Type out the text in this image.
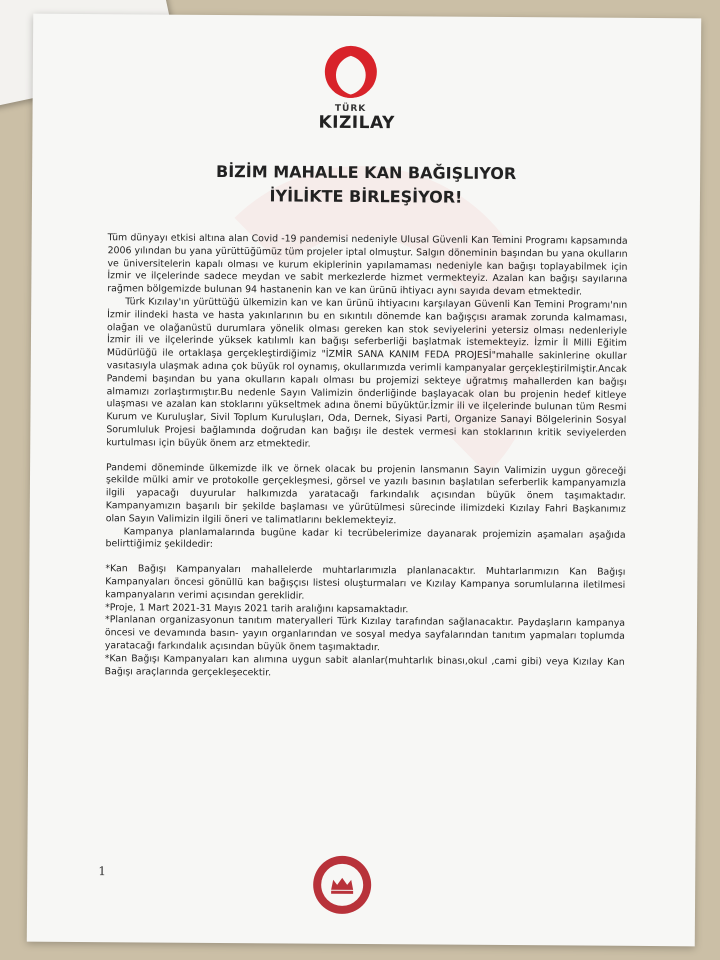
TÜRK
KIZILAY
BİZİM MAHALLE KAN BAĞIŞLIYOR
İYİLİKTE BİRLEŞİYOR!

Tüm dünyayı etkisi altına alan Covid -19 pandemisi nedeniyle Ulusal Güvenli Kan Temini Programı kapsamında 2006 yılından bu yana yürüttüğümüz tüm projeler iptal olmuştur. Salgın döneminin başından bu yana okulların ve üniversitelerin kapalı olması ve kurum ekiplerinin yapılamaması nedeniyle kan bağışı toplayabilmek için İzmir ve ilçelerinde sadece meydan ve sabit merkezlerde hizmet vermekteyiz. Azalan kan bağışı sayılarına rağmen bölgemizde bulunan 94 hastanenin kan ve kan ürünü ihtiyacı aynı sayıda devam etmektedir.

Türk Kızılay'ın yürüttüğü ülkemizin kan ve kan ürünü ihtiyacını karşılayan Güvenli Kan Temini Programı'nın İzmir ilindeki hasta ve hasta yakınlarının bu en sıkıntılı dönemde kan bağışçısı aramak zorunda kalmaması, olağan ve olağanüstü durumlara yönelik olması gereken kan stok seviyelerini yetersiz olması nedenleriyle İzmir ili ve ilçelerinde yüksek katılımlı kan bağışı seferberliği başlatmak istemekteyiz. İzmir İl Milli Eğitim Müdürlüğü ile ortaklaşa gerçekleştirdiğimiz "İZMİR SANA KANIM FEDA PROJESİ"mahalle sakinlerine okullar vasıtasıyla ulaşmak adına çok büyük rol oynamış, okullarımızda verimli kampanyalar gerçekleştirilmiştir.Ancak Pandemi başından bu yana okulların kapalı olması bu projemizi sekteye uğratmış mahallerden kan bağışı almamızı zorlaştırmıştır.Bu nedenle Sayın Valimizin önderliğinde başlayacak olan bu projenin hedef kitleye ulaşması ve azalan kan stoklarını yükseltmek adına önemi büyüktür.İzmir ili ve ilçelerinde bulunan tüm Resmi Kurum ve Kuruluşlar, Sivil Toplum Kuruluşları, Oda, Dernek, Siyasi Parti, Organize Sanayi Bölgelerinin Sosyal Sorumluluk Projesi bağlamında doğrudan kan bağışı ile destek vermesi kan stoklarının kritik seviyelerden kurtulması için büyük önem arz etmektedir.

Pandemi döneminde ülkemizde ilk ve örnek olacak bu projenin lansmanın Sayın Valimizin uygun göreceği şekilde mülki amir ve protokolle gerçekleşmesi, görsel ve yazılı basının başlatılan seferberlik kampanyamızla ilgili yapacağı duyurular halkımızda yaratacağı farkındalık açısından büyük önem taşımaktadır. Kampanyamızın başarılı bir şekilde başlaması ve yürütülmesi sürecinde ilimizdeki Kızılay Fahri Başkanımız olan Sayın Valimizin ilgili öneri ve talimatlarını beklemekteyiz.

Kampanya planlamalarında bugüne kadar ki tecrübelerimize dayanarak projemizin aşamaları aşağıda belirttiğimiz şekildedir:

*Kan Bağışı Kampanyaları mahallelerde muhtarlarımızla planlanacaktır. Muhtarlarımızın Kan Bağışı Kampanyaları öncesi gönüllü kan bağışçısı listesi oluşturmaları ve Kızılay Kampanya sorumlularına iletilmesi kampanyaların verimi açısından gereklidir.

*Proje, 1 Mart 2021-31 Mayıs 2021 tarih aralığını kapsamaktadır.

*Planlanan organizasyonun tanıtım materyalleri Türk Kızılay tarafından sağlanacaktır. Paydaşların kampanya öncesi ve devamında basın- yayın organlarından ve sosyal medya sayfalarından tanıtım yapmaları toplumda yaratacağı farkındalık açısından büyük önem taşımaktadır.

*Kan Bağışı Kampanyaları kan alımına uygun sabit alanlar(muhtarlık binası,okul ,cami gibi) veya Kızılay Kan Bağışı araçlarında gerçekleşecektir.

1
